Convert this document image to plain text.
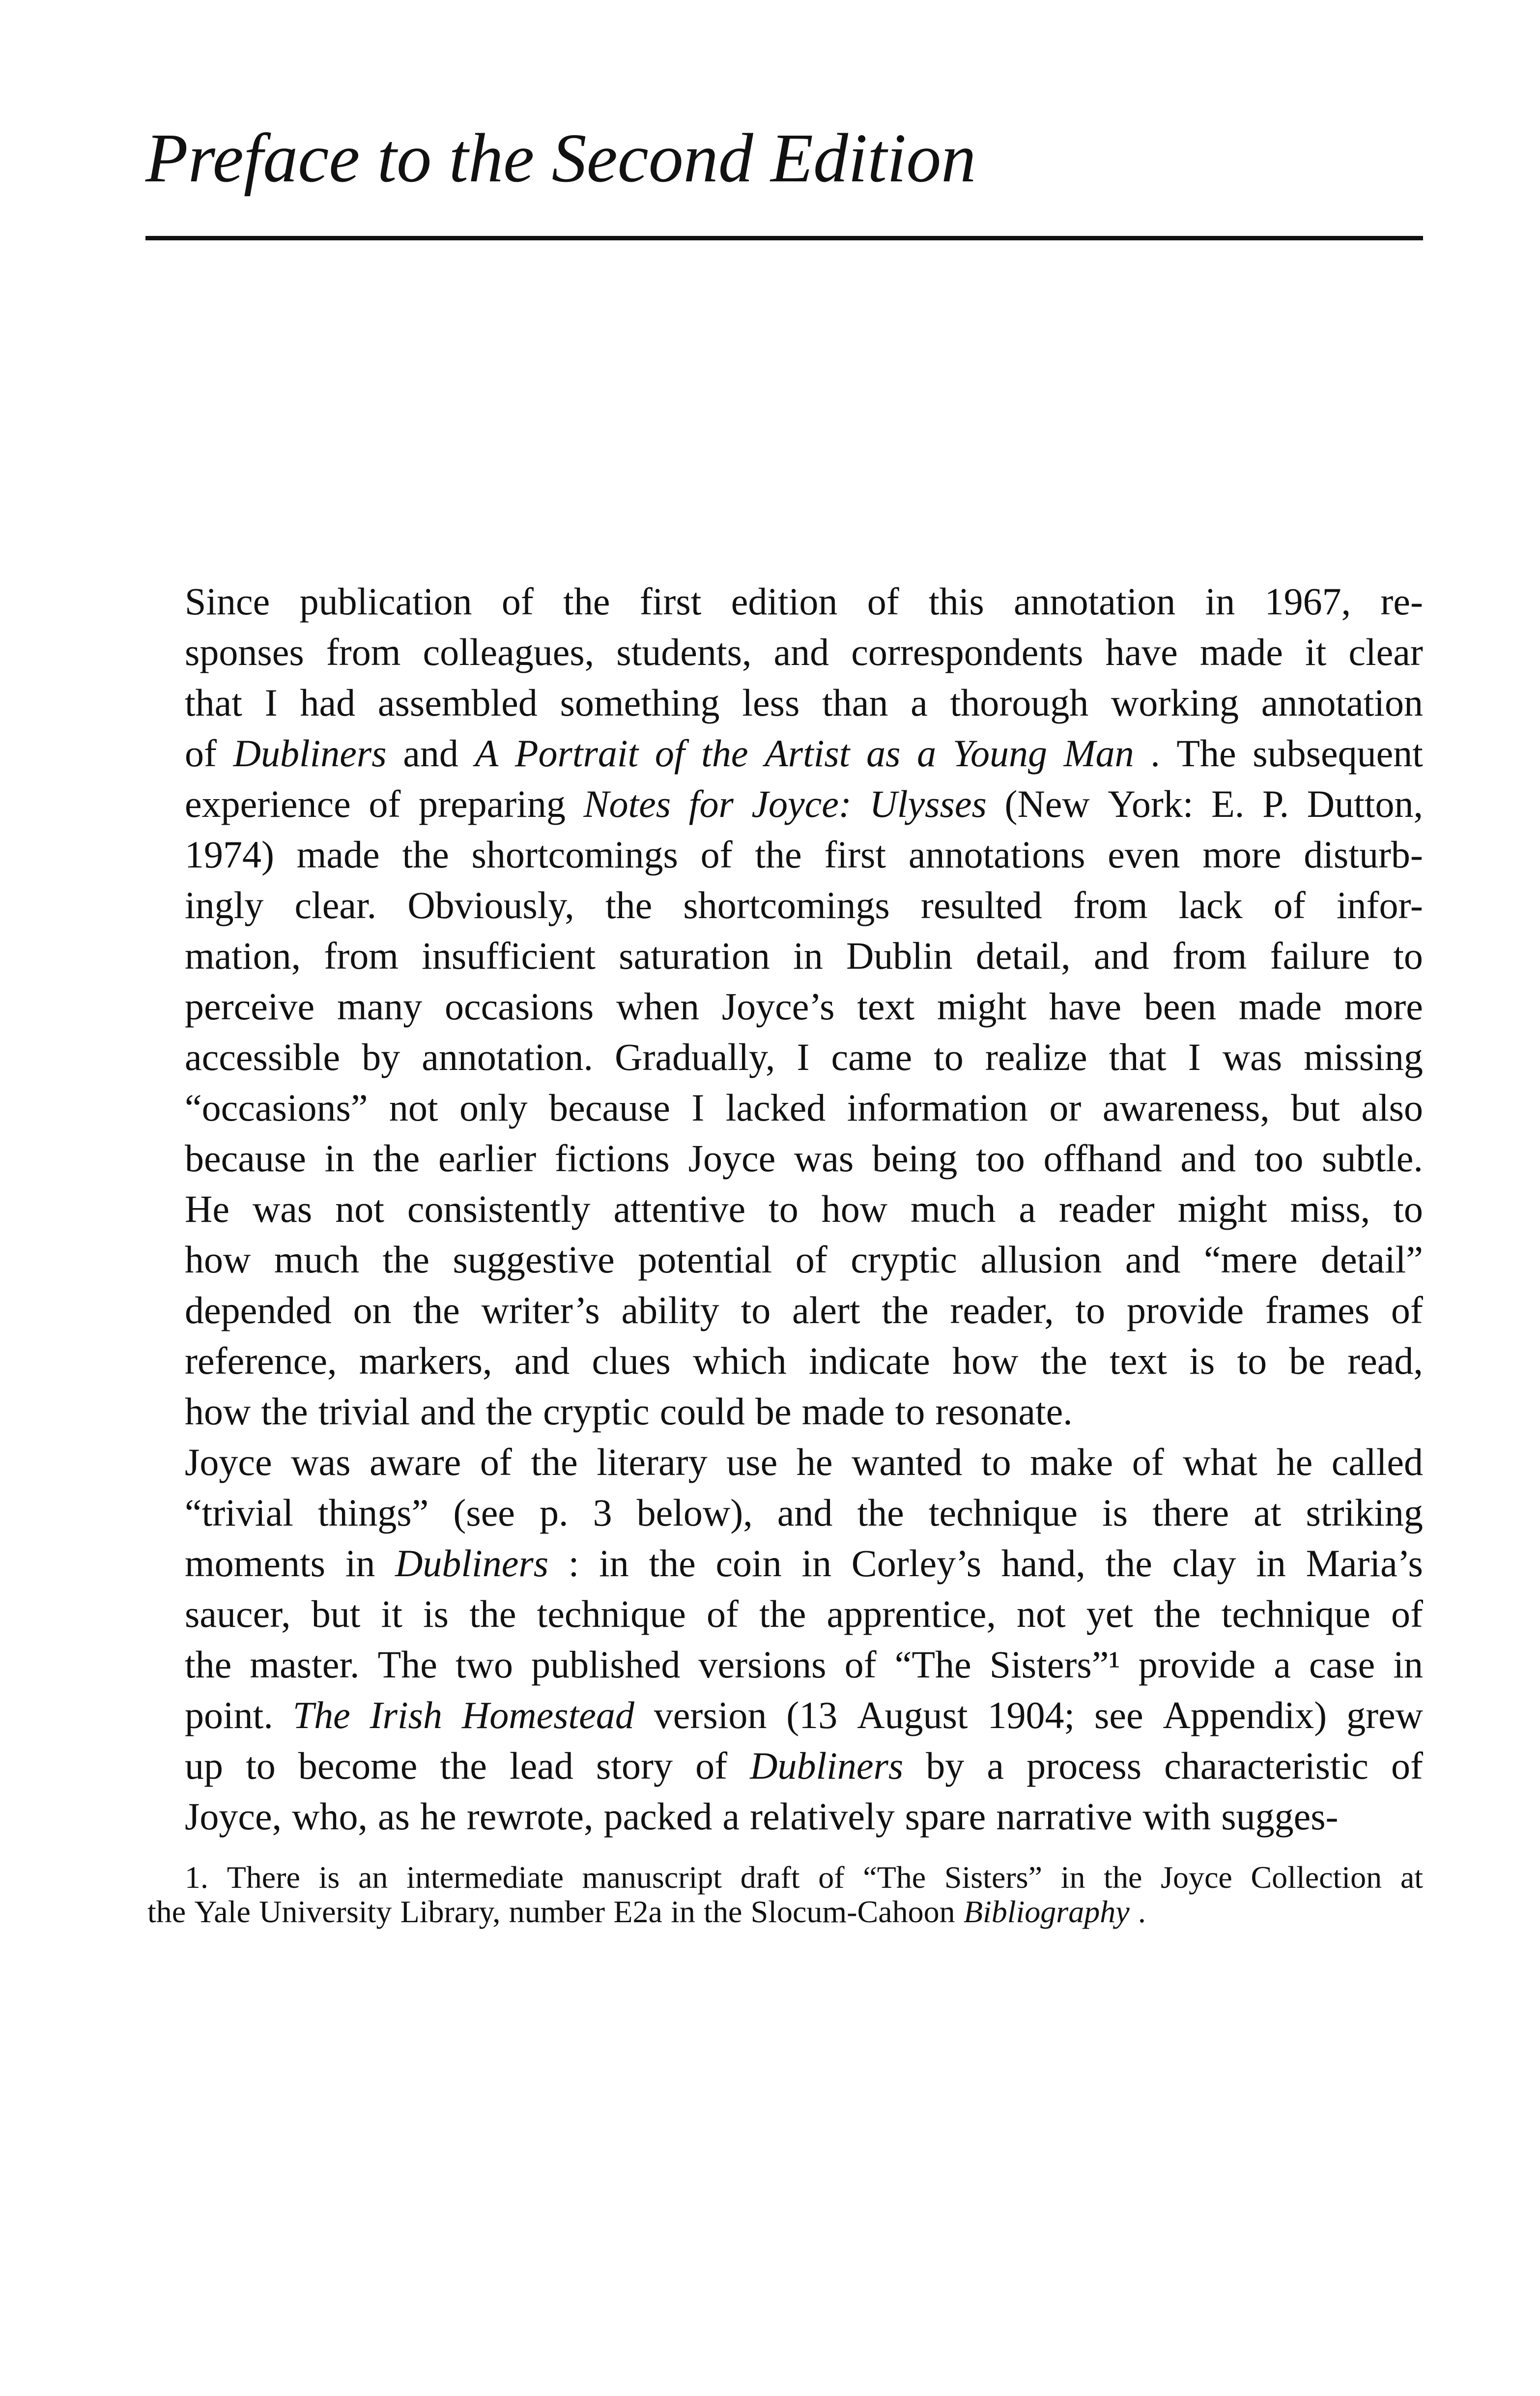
Preface to the Second Edition
Since publication of the first edition of this annotation in 1967, re-
sponses from colleagues, students, and correspondents have made it clear
that I had assembled something less than a thorough working annotation
of Dubliners and A Portrait of the Artist as a Young Man . The subsequent
experience of preparing Notes for Joyce: Ulysses (New York: E. P. Dutton,
1974) made the shortcomings of the first annotations even more disturb-
ingly clear. Obviously, the shortcomings resulted from lack of infor-
mation, from insufficient saturation in Dublin detail, and from failure to
perceive many occasions when Joyce’s text might have been made more
accessible by annotation. Gradually, I came to realize that I was missing
“occasions” not only because I lacked information or awareness, but also
because in the earlier fictions Joyce was being too offhand and too subtle.
He was not consistently attentive to how much a reader might miss, to
how much the suggestive potential of cryptic allusion and “mere detail”
depended on the writer’s ability to alert the reader, to provide frames of
reference, markers, and clues which indicate how the text is to be read,
how the trivial and the cryptic could be made to resonate.
Joyce was aware of the literary use he wanted to make of what he called
“trivial things” (see p. 3 below), and the technique is there at striking
moments in Dubliners : in the coin in Corley’s hand, the clay in Maria’s
saucer, but it is the technique of the apprentice, not yet the technique of
the master. The two published versions of “The Sisters”¹ provide a case in
point. The Irish Homestead version (13 August 1904; see Appendix) grew
up to become the lead story of Dubliners by a process characteristic of
Joyce, who, as he rewrote, packed a relatively spare narrative with sugges-
1. There is an intermediate manuscript draft of “The Sisters” in the Joyce Collection at
the Yale University Library, number E2a in the Slocum-Cahoon Bibliography .
